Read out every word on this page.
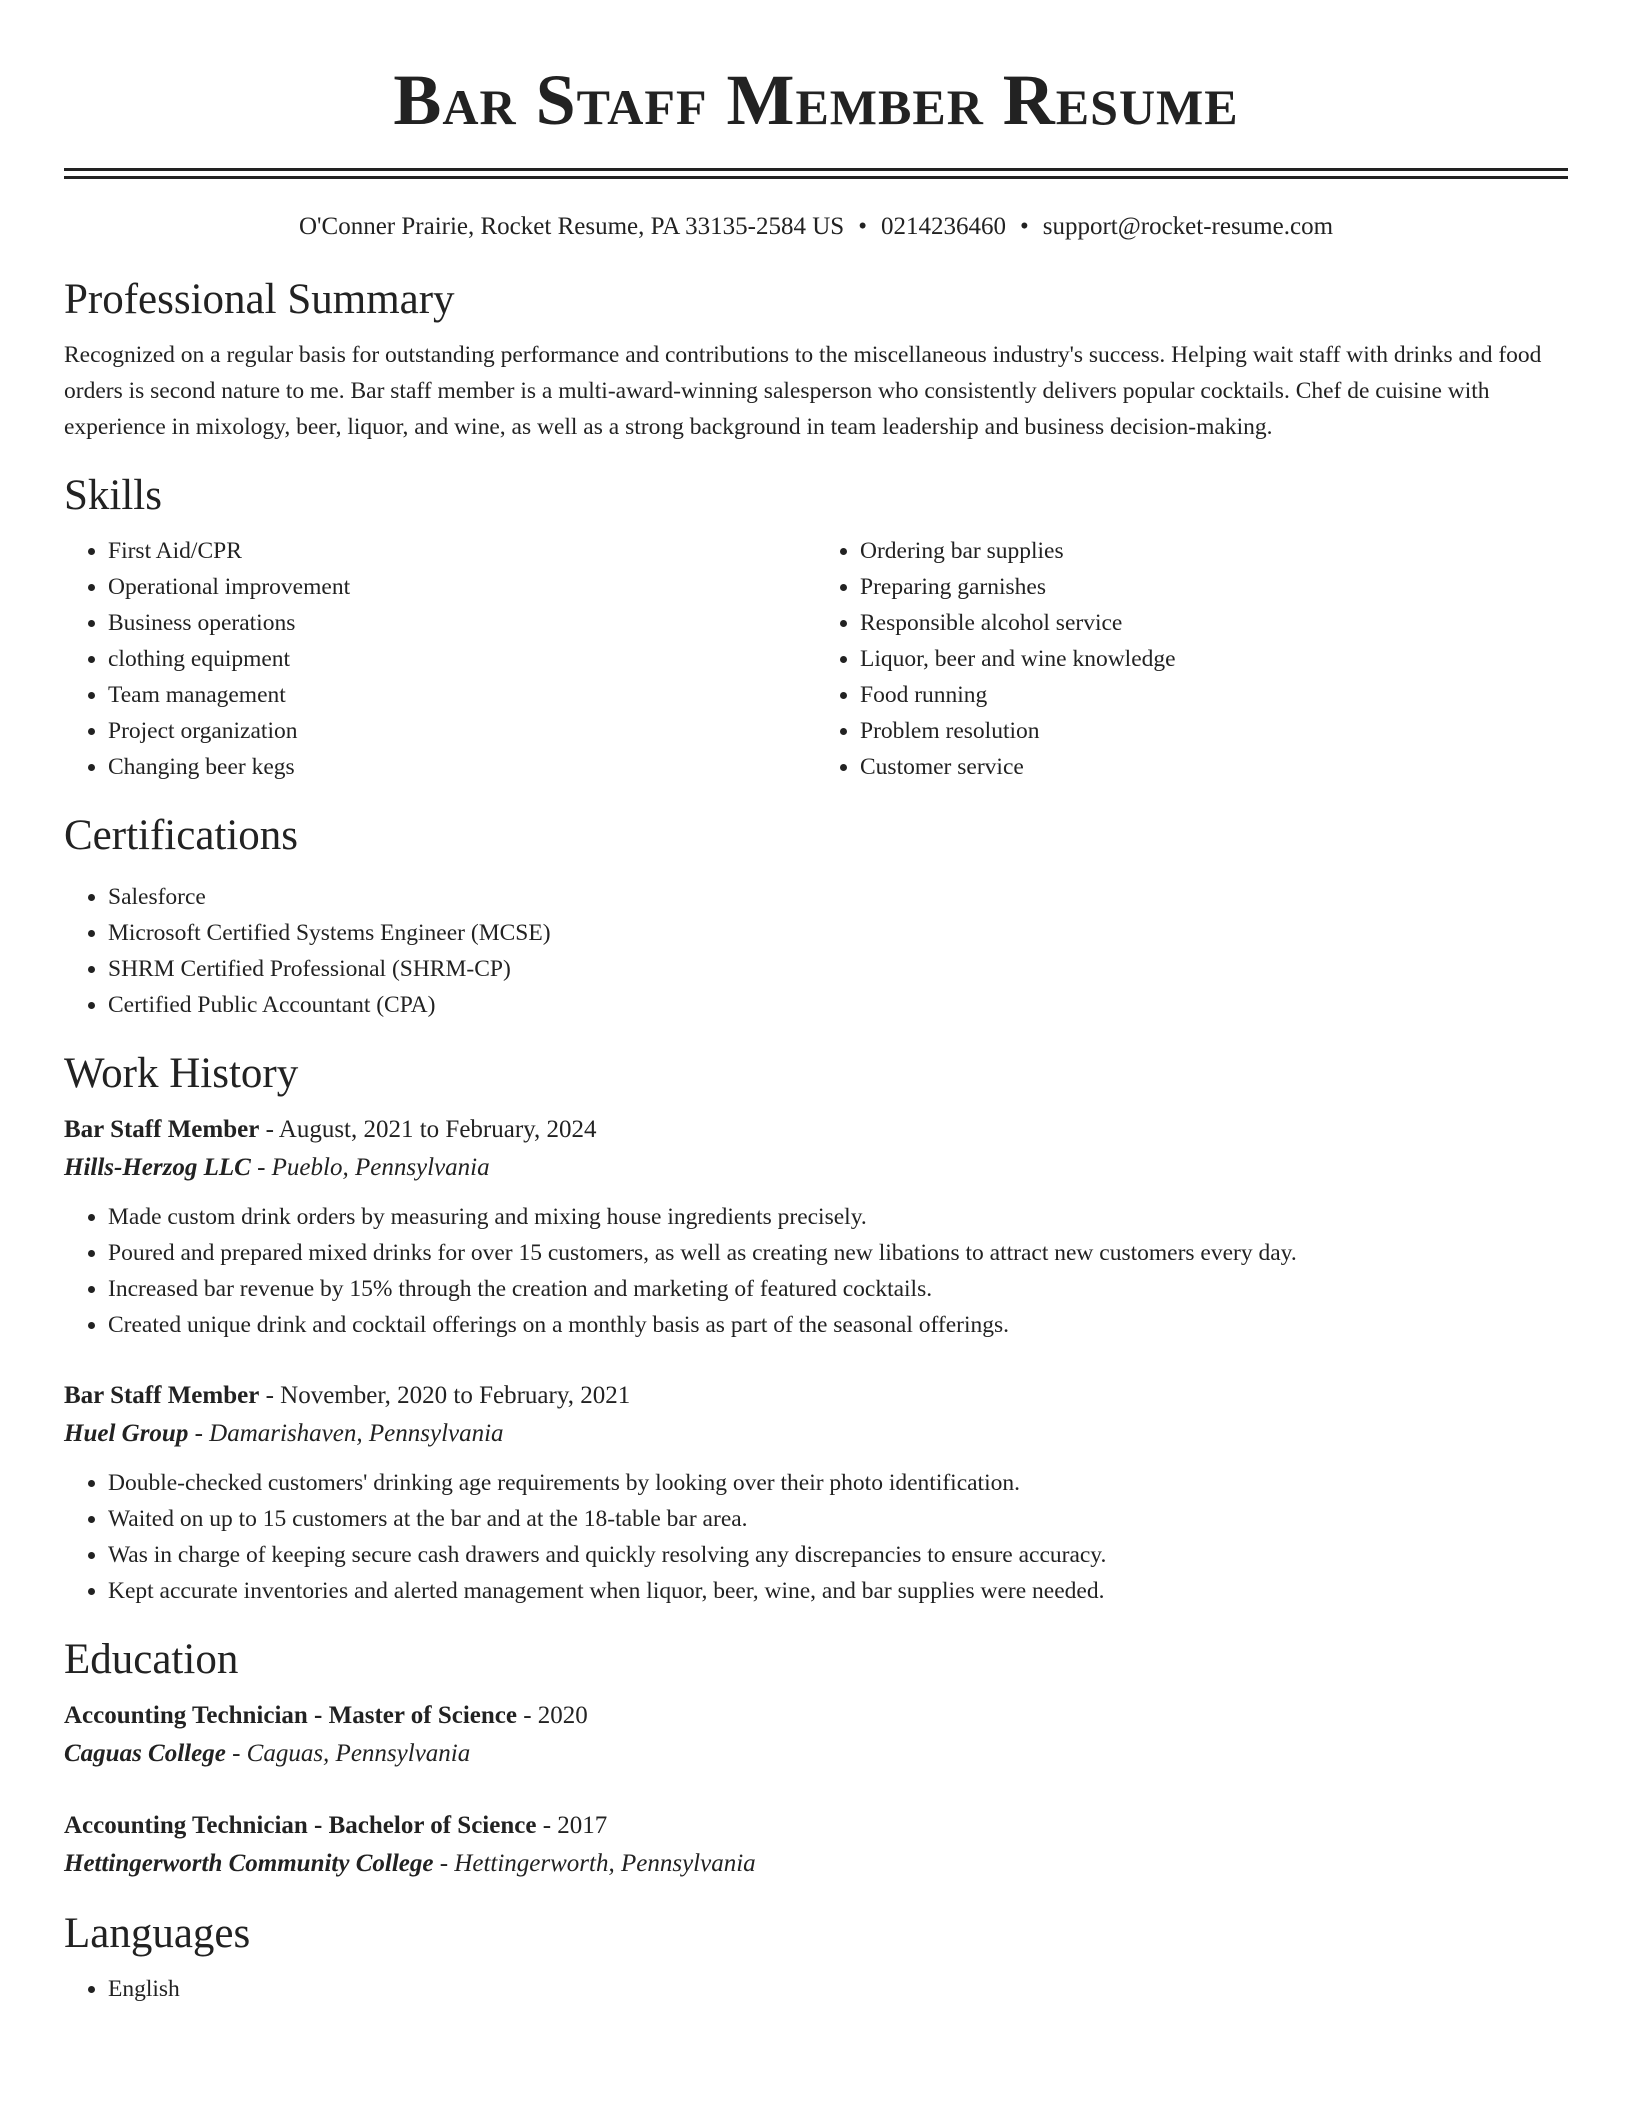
Bar Staff Member Resume
O'Conner Prairie, Rocket Resume, PA 33135-2584 US • 0214236460 • support@rocket-resume.com
Professional Summary

Recognized on a regular basis for outstanding performance and contributions to the miscellaneous industry's success. Helping wait staff with drinks and food orders is second nature to me. Bar staff member is a multi-award-winning salesperson who consistently delivers popular cocktails. Chef de cuisine with experience in mixology, beer, liquor, and wine, as well as a strong background in team leadership and business decision-making.

Skills
• First Aid/CPR
• Operational improvement
• Business operations
• clothing equipment
• Team management
• Project organization
• Changing beer kegs
• Ordering bar supplies
• Preparing garnishes
• Responsible alcohol service
• Liquor, beer and wine knowledge
• Food running
• Problem resolution
• Customer service
Certifications
• Salesforce
• Microsoft Certified Systems Engineer (MCSE)
• SHRM Certified Professional (SHRM-CP)
• Certified Public Accountant (CPA)
Work History
Bar Staff Member - August, 2021 to February, 2024
Hills-Herzog LLC - Pueblo, Pennsylvania
• Made custom drink orders by measuring and mixing house ingredients precisely.
• Poured and prepared mixed drinks for over 15 customers, as well as creating new libations to attract new customers every day.
• Increased bar revenue by 15% through the creation and marketing of featured cocktails.
• Created unique drink and cocktail offerings on a monthly basis as part of the seasonal offerings.
Bar Staff Member - November, 2020 to February, 2021
Huel Group - Damarishaven, Pennsylvania
• Double-checked customers' drinking age requirements by looking over their photo identification.
• Waited on up to 15 customers at the bar and at the 18-table bar area.
• Was in charge of keeping secure cash drawers and quickly resolving any discrepancies to ensure accuracy.
• Kept accurate inventories and alerted management when liquor, beer, wine, and bar supplies were needed.
Education
Accounting Technician - Master of Science - 2020
Caguas College - Caguas, Pennsylvania
Accounting Technician - Bachelor of Science - 2017
Hettingerworth Community College - Hettingerworth, Pennsylvania
Languages
• English
